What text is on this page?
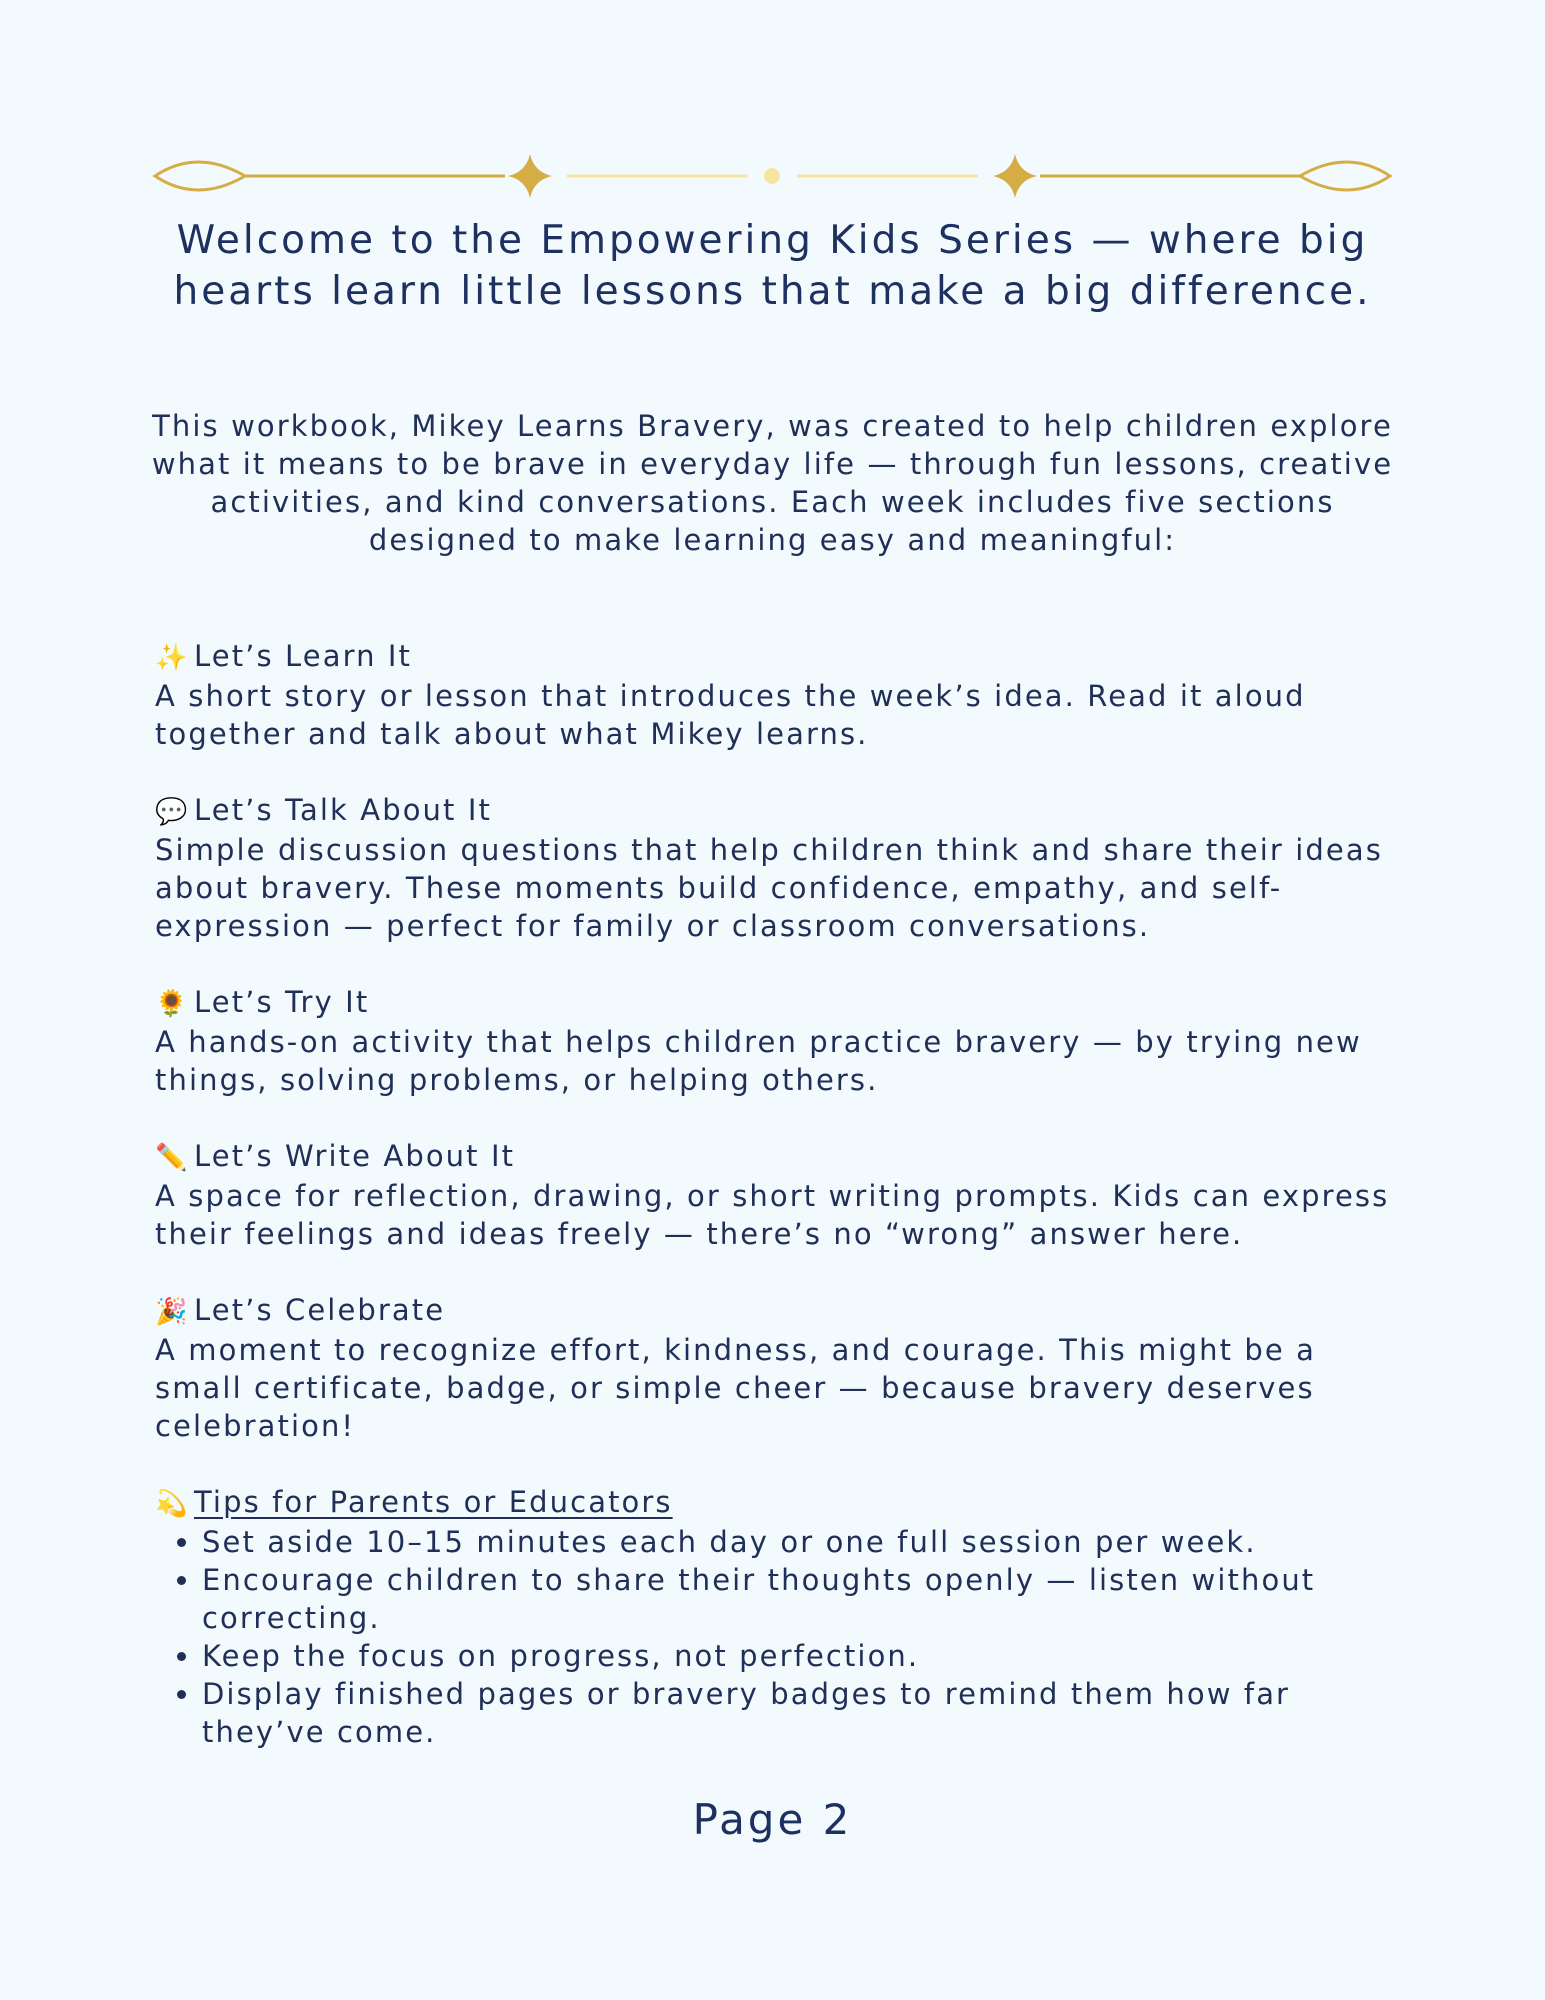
Welcome to the Empowering Kids Series — where big hearts learn little lessons that make a big difference.

This workbook, Mikey Learns Bravery, was created to help children explore what it means to be brave in everyday life — through fun lessons, creative activities, and kind conversations. Each week includes five sections designed to make learning easy and meaningful:

✨ Let’s Learn It
A short story or lesson that introduces the week’s idea. Read it aloud together and talk about what Mikey learns.
💬 Let’s Talk About It
Simple discussion questions that help children think and share their ideas about bravery. These moments build confidence, empathy, and self-expression — perfect for family or classroom conversations.
🌻 Let’s Try It
A hands-on activity that helps children practice bravery — by trying new things, solving problems, or helping others.
✏️ Let’s Write About It
A space for reflection, drawing, or short writing prompts. Kids can express their feelings and ideas freely — there’s no “wrong” answer here.
🎉 Let’s Celebrate
A moment to recognize effort, kindness, and courage. This might be a small certificate, badge, or simple cheer — because bravery deserves celebration!
💫 Tips for Parents or Educators
• Set aside 10–15 minutes each day or one full session per week.
• Encourage children to share their thoughts openly — listen without correcting.
• Keep the focus on progress, not perfection.
• Display finished pages or bravery badges to remind them how far they’ve come.
Page 2
